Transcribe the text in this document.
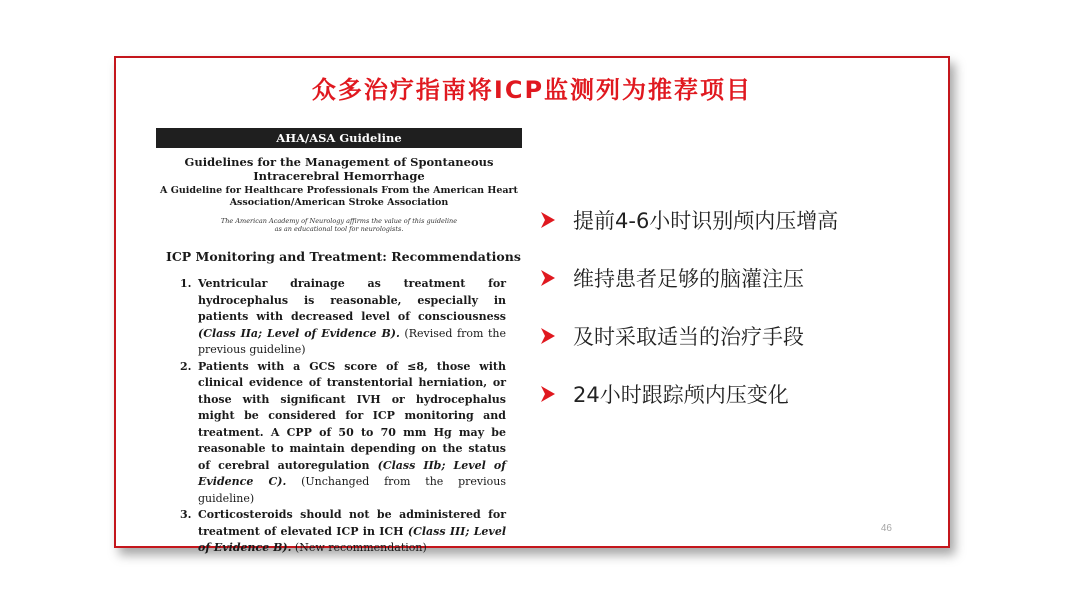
众多治疗指南将ICP监测列为推荐项目
AHA/ASA Guideline
Guidelines for the Management of Spontaneous
Intracerebral Hemorrhage
A Guideline for Healthcare Professionals From the American Heart
Association/American Stroke Association
The American Academy of Neurology affirms the value of this guideline
as an educational tool for neurologists.
ICP Monitoring and Treatment: Recommendations
1. Ventricular drainage as treatment for hydrocephalus is reasonable, especially in patients with decreased level of consciousness (Class IIa; Level of Evidence B). (Revised from the previous guideline)
2. Patients with a GCS score of ≤8, those with clinical evidence of transtentorial herniation, or those with significant IVH or hydrocephalus might be considered for ICP monitoring and treatment. A CPP of 50 to 70 mm Hg may be reasonable to maintain depending on the status of cerebral autoregulation (Class IIb; Level of Evidence C). (Unchanged from the previous guideline)
3. Corticosteroids should not be administered for treatment of elevated ICP in ICH (Class III; Level of Evidence B). (New recommendation)
提前4-6小时识别颅内压增高
维持患者足够的脑灌注压
及时采取适当的治疗手段
24小时跟踪颅内压变化
46
